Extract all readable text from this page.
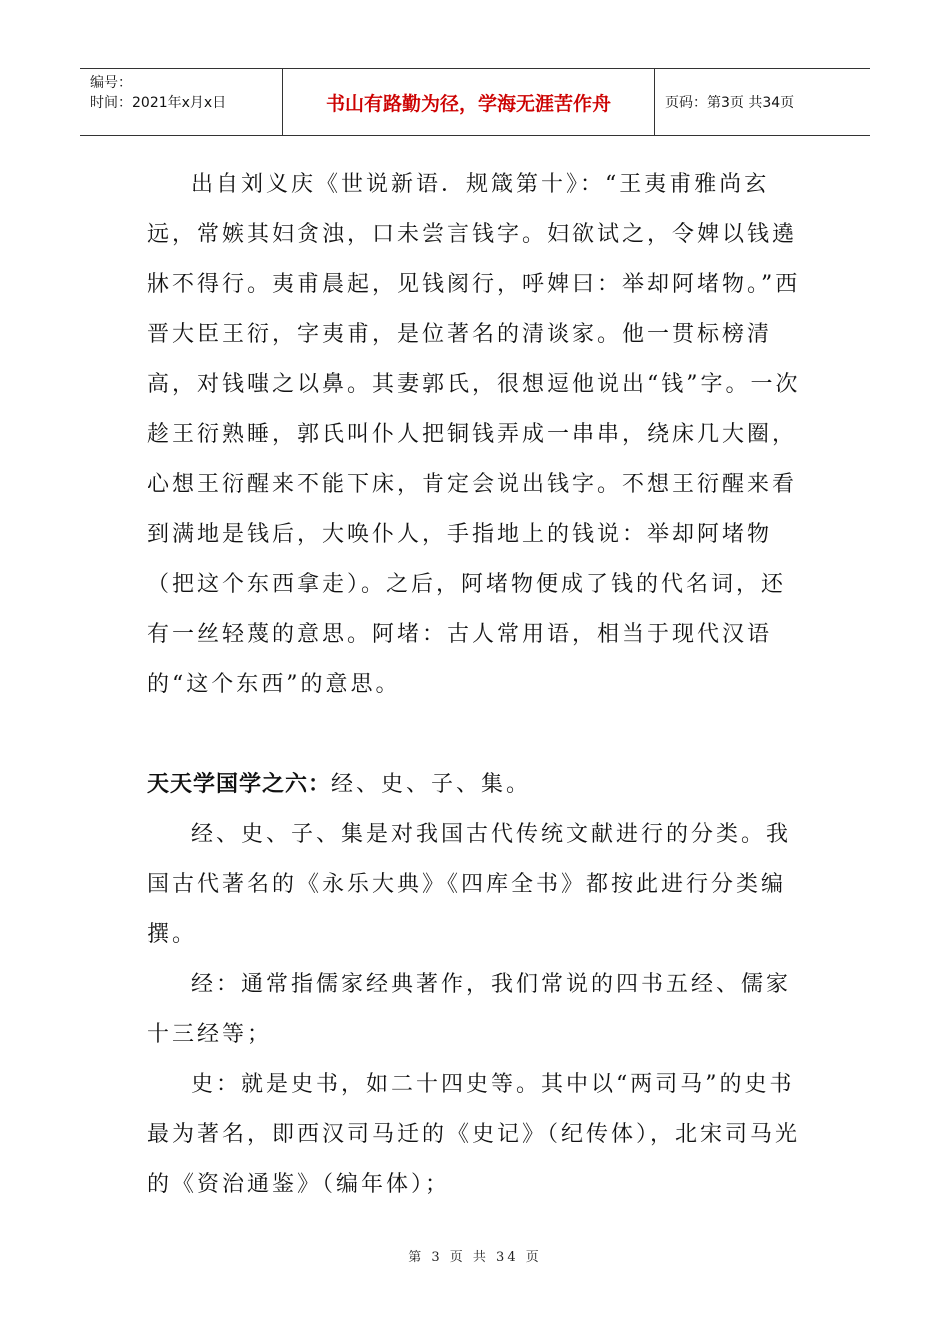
编号：
时间：2021年x月x日	书山有路勤为径，学海无涯苦作舟	页码：第3页 共34页

出自刘义庆《世说新语．规箴第十》：“王夷甫雅尚玄远，常嫉其妇贪浊，口未尝言钱字。妇欲试之，令婢以钱遶牀不得行。夷甫晨起，见钱阂行，呼婢曰：举却阿堵物。”西晋大臣王衍，字夷甫，是位著名的清谈家。他一贯标榜清高，对钱嗤之以鼻。其妻郭氏，很想逗他说出“钱”字。一次趁王衍熟睡，郭氏叫仆人把铜钱弄成一串串，绕床几大圈，心想王衍醒来不能下床，肯定会说出钱字。不想王衍醒来看到满地是钱后，大唤仆人，手指地上的钱说：举却阿堵物（把这个东西拿走）。之后，阿堵物便成了钱的代名词，还有一丝轻蔑的意思。阿堵：古人常用语，相当于现代汉语的“这个东西”的意思。

天天学国学之六：经、史、子、集。

经、史、子、集是对我国古代传统文献进行的分类。我国古代著名的《永乐大典》《四库全书》都按此进行分类编撰。

经：通常指儒家经典著作，我们常说的四书五经、儒家十三经等；

史：就是史书，如二十四史等。其中以“两司马”的史书最为著名，即西汉司马迁的《史记》（纪传体），北宋司马光的《资治通鉴》（编年体）；

第 3 页 共 34 页
